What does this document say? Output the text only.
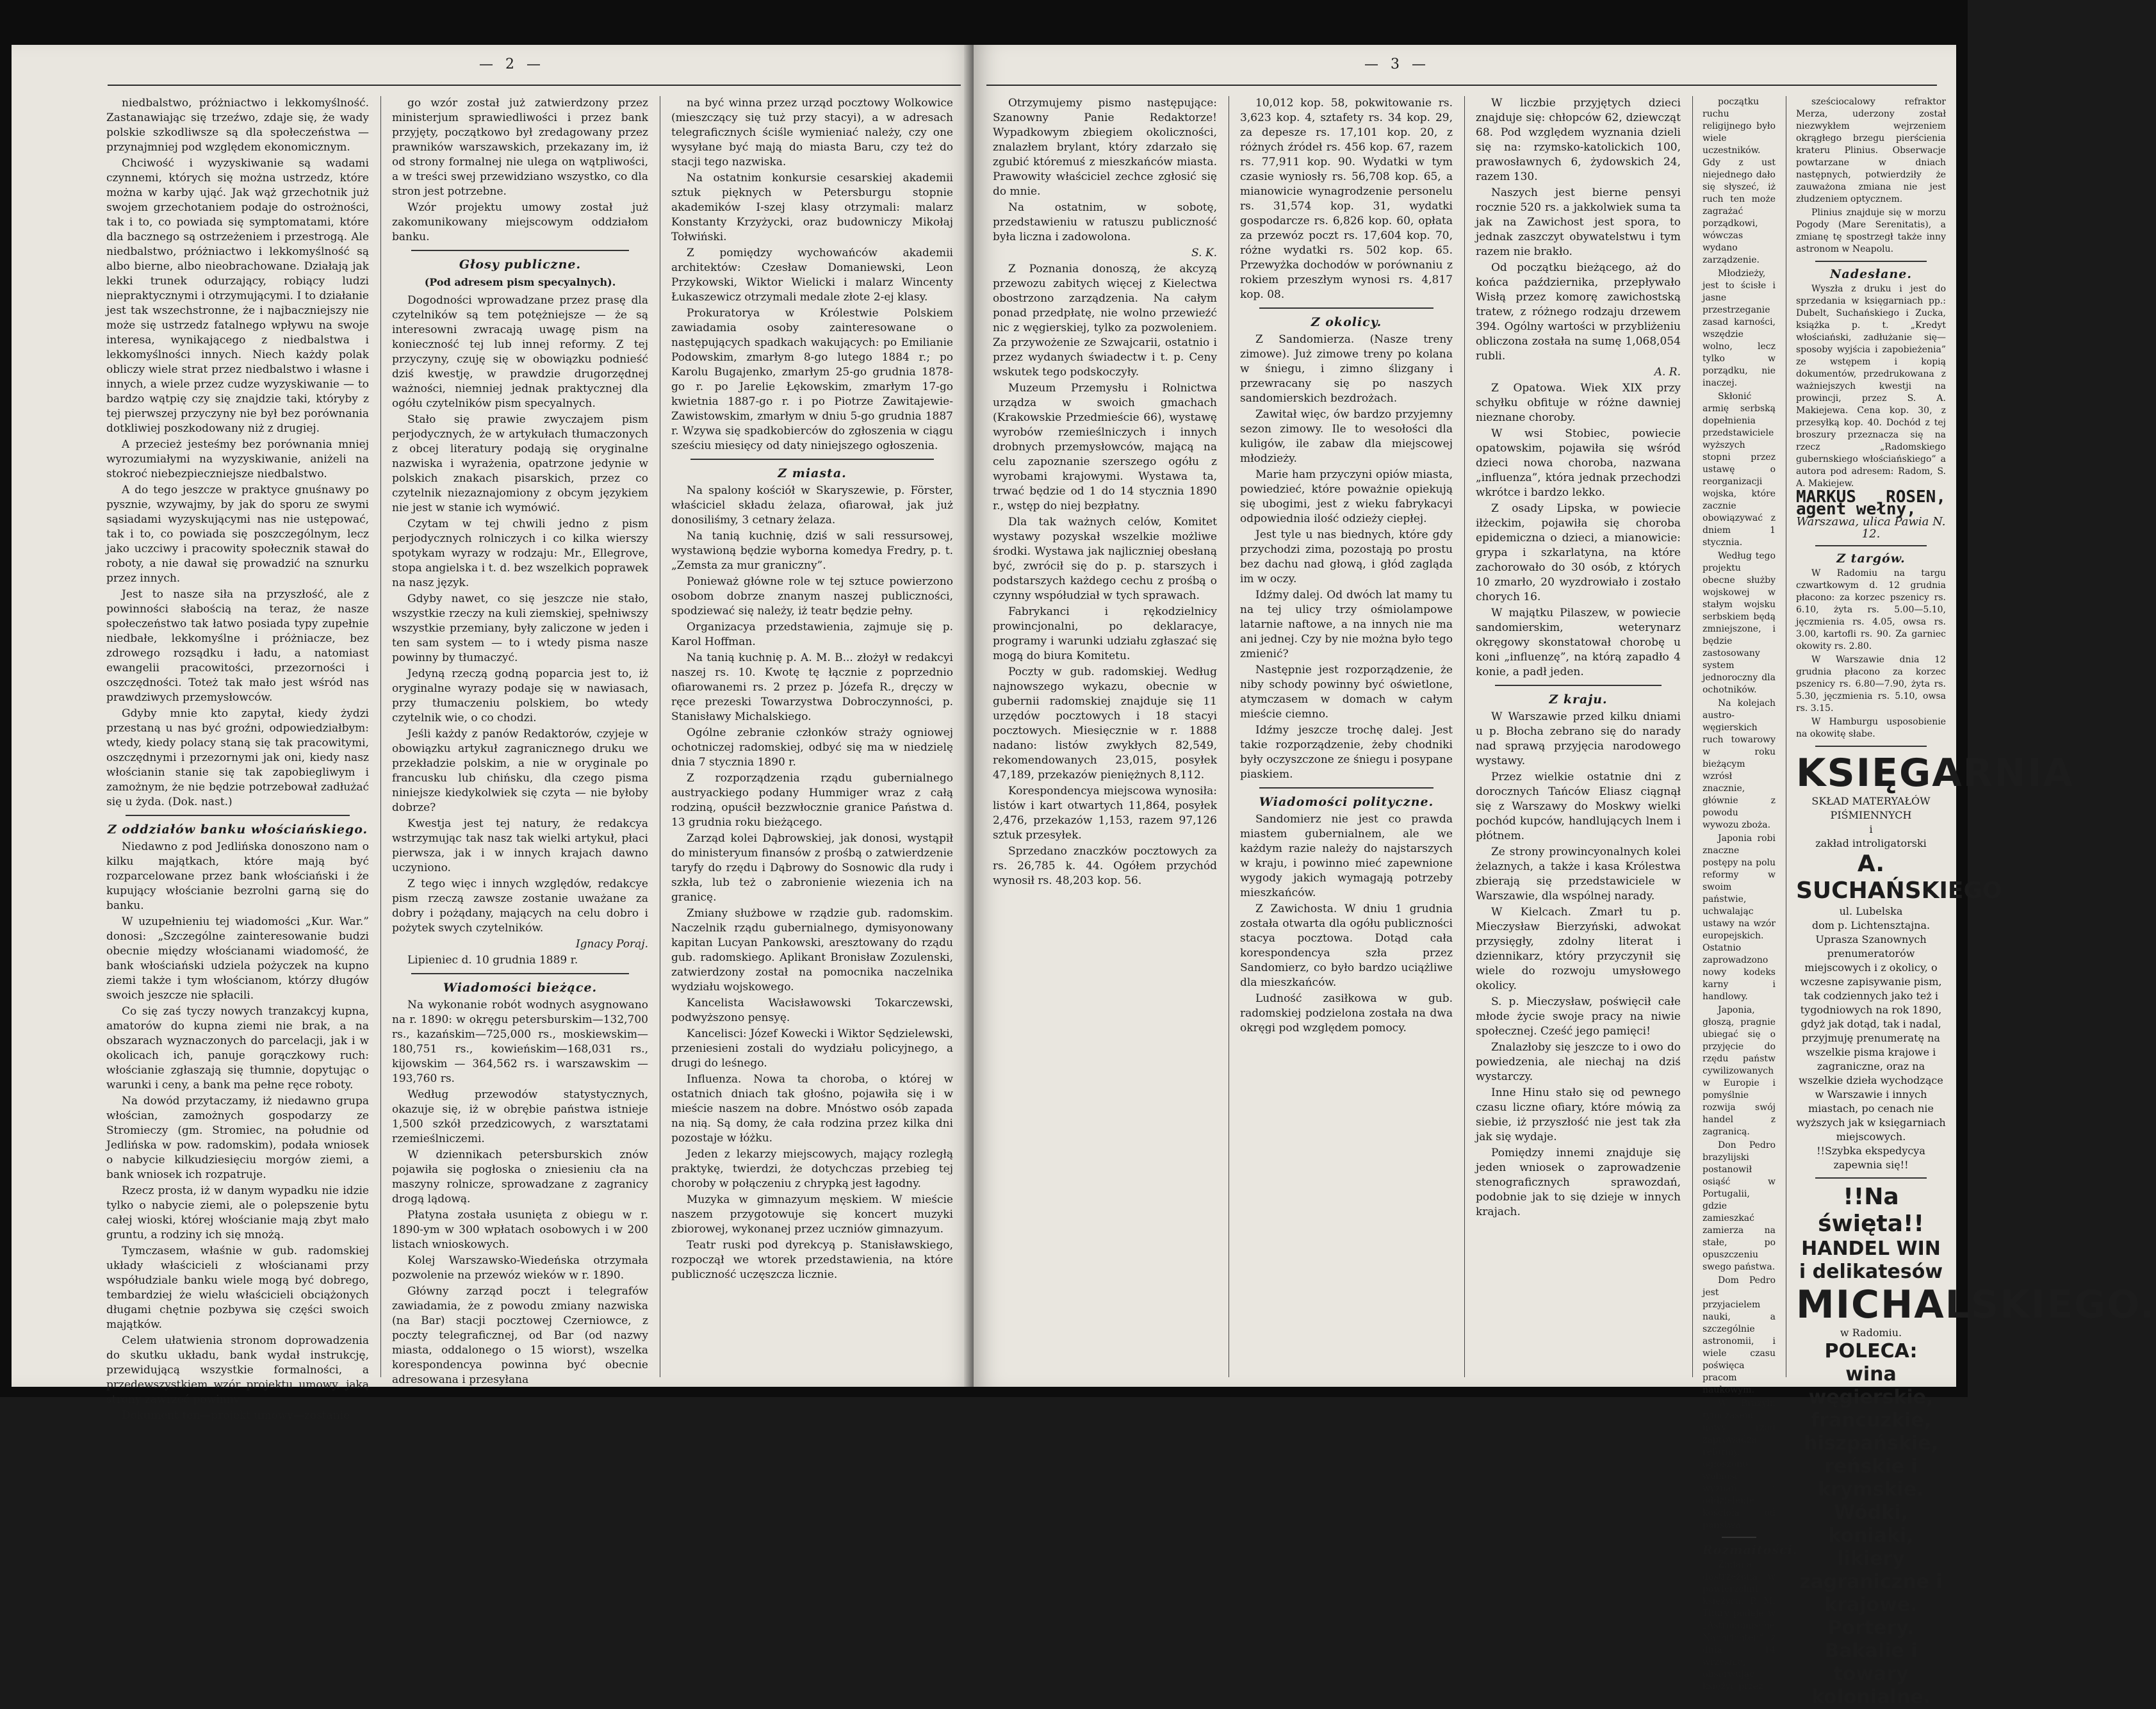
— 2 —

niedbalstwo, próżniactwo i lekkomyślność. Zastanawiając się trzeźwo, zdaje się, że wady polskie szkodliwsze są dla społeczeństwa — przynajmniej pod względem ekonomicznym.

Chciwość i wyzyskiwanie są wadami czynnemi, których się można ustrzedz, które można w karby ująć. Jak wąż grzechotnik już swojem grzechotaniem podaje do ostrożności, tak i to, co powiada się symptomatami, które dla bacznego są ostrzeżeniem i przestrogą. Ale niedbalstwo, próżniactwo i lekkomyślność są albo bierne, albo nieobrachowane. Działają jak lekki trunek odurzający, robiący ludzi niepraktycznymi i otrzymującymi. I to działanie jest tak wszechstronne, że i najbaczniejszy nie może się ustrzedz fatalnego wpływu na swoje interesa, wynikającego z niedbalstwa i lekkomyślności innych. Niech każdy polak obliczy wiele strat przez niedbalstwo i własne i innych, a wiele przez cudze wyzyskiwanie — to bardzo wątpię czy się znajdzie taki, któryby z tej pierwszej przyczyny nie był bez porównania dotkliwiej poszkodowany niż z drugiej.

A przecież jesteśmy bez porównania mniej wyrozumiałymi na wyzyskiwanie, aniżeli na stokroć niebezpieczniejsze niedbalstwo.

A do tego jeszcze w praktyce gnuśnawy po pysznie, wzywajmy, by jak do sporu ze swymi sąsiadami wyzyskującymi nas nie ustępować, tak i to, co powiada się poszczególnym, lecz jako uczciwy i pracowity społecznik stawał do roboty, a nie dawał się prowadzić na sznurku przez innych.

Jest to nasze siła na przyszłość, ale z powinności słabością na teraz, że nasze społeczeństwo tak łatwo posiada typy zupełnie niedbałe, lekkomyślne i próżniacze, bez zdrowego rozsądku i ładu, a natomiast ewangelii pracowitości, przezorności i oszczędności. Toteż tak mało jest wśród nas prawdziwych przemysłowców.

Gdyby mnie kto zapytał, kiedy żydzi przestaną u nas być groźni, odpowiedziałbym: wtedy, kiedy polacy staną się tak pracowitymi, oszczędnymi i przezornymi jak oni, kiedy nasz włościanin stanie się tak zapobiegliwym i zamożnym, że nie będzie potrzebował zadłużać się u żyda. (Dok. nast.)

Z oddziałów banku włościańskiego.

Niedawno z pod Jedlińska donoszono nam o kilku majątkach, które mają być rozparcelowane przez bank włościański i że kupujący włościanie bezrolni garną się do banku.

W uzupełnieniu tej wiadomości „Kur. War.” donosi: „Szczególne zainteresowanie budzi obecnie między włościanami wiadomość, że bank włościański udziela pożyczek na kupno ziemi także i tym włościanom, którzy długów swoich jeszcze nie spłacili.

Co się zaś tyczy nowych tranzakcyj kupna, amatorów do kupna ziemi nie brak, a na obszarach wyznaczonych do parcelacji, jak i w okolicach ich, panuje gorączkowy ruch: włościanie zgłaszają się tłumnie, dopytując o warunki i ceny, a bank ma pełne ręce roboty.

Na dowód przytaczamy, iż niedawno grupa włościan, zamożnych gospodarzy ze Stromieczy (gm. Stromiec, na południe od Jedlińska w pow. radomskim), podała wniosek o nabycie kilkudziesięciu morgów ziemi, a bank wniosek ich rozpatruje.

Rzecz prosta, iż w danym wypadku nie idzie tylko o nabycie ziemi, ale o polepszenie bytu całej wioski, której włościanie mają zbyt mało gruntu, a rodziny ich się mnożą.

Tymczasem, właśnie w gub. radomskiej układy właścicieli z włościanami przy współudziale banku wiele mogą być dobrego, tembardziej że wielu właścicieli obciążonych długami chętnie pozbywa się części swoich majątków.

Celem ułatwienia stronom doprowadzenia do skutku układu, bank wydał instrukcję, przewidującą wszystkie formalności, a przedewszystkiem wzór projektu umowy, jaką strony zawrzeć powinny.

Dokument ten—projekt umowy—zostanie

go wzór został już zatwierdzony przez ministerjum sprawiedliwości i przez bank przyjęty, początkowo był zredagowany przez prawników warszawskich, przekazany im, iż od strony formalnej nie ulega on wątpliwości, a w treści swej przewidziano wszystko, co dla stron jest potrzebne.

Wzór projektu umowy został już zakomunikowany miejscowym oddziałom banku.

Głosy publiczne.
(Pod adresem pism specyalnych).

Dogodności wprowadzane przez prasę dla czytelników są tem potężniejsze — że są interesowni zwracają uwagę pism na konieczność tej lub innej reformy. Z tej przyczyny, czuję się w obowiązku podnieść dziś kwestję, w prawdzie drugorzędnej ważności, niemniej jednak praktycznej dla ogółu czytelników pism specyalnych.

Stało się prawie zwyczajem pism perjodycznych, że w artykułach tłumaczonych z obcej literatury podają się oryginalne nazwiska i wyrażenia, opatrzone jedynie w polskich znakach pisarskich, przez co czytelnik niezaznajomiony z obcym językiem nie jest w stanie ich wymówić.

Czytam w tej chwili jedno z pism perjodycznych rolniczych i co kilka wierszy spotykam wyrazy w rodzaju: Mr., Ellegrove, stopa angielska i t. d. bez wszelkich poprawek na nasz język.

Gdyby nawet, co się jeszcze nie stało, wszystkie rzeczy na kuli ziemskiej, spełniwszy wszystkie przemiany, były zaliczone w jeden i ten sam system — to i wtedy pisma nasze powinny by tłumaczyć.

Jedyną rzeczą godną poparcia jest to, iż oryginalne wyrazy podaje się w nawiasach, przy tłumaczeniu polskiem, bo wtedy czytelnik wie, o co chodzi.

Jeśli każdy z panów Redaktorów, czyjeje w obowiązku artykuł zagranicznego druku we przekładzie polskim, a nie w oryginale po francusku lub chińsku, dla czego pisma niniejsze kiedykolwiek się czyta — nie byłoby dobrze?

Kwestja jest tej natury, że redakcya wstrzymując tak nasz tak wielki artykuł, płaci pierwsza, jak i w innych krajach dawno uczyniono.

Z tego więc i innych względów, redakcye pism rzeczą zawsze zostanie uważane za dobry i pożądany, mających na celu dobro i pożytek swych czytelników.

Ignacy Poraj.

Lipieniec d. 10 grudnia 1889 r.

Wiadomości bieżące.

Na wykonanie robót wodnych asygnowano na r. 1890: w okręgu petersburskim—132,700 rs., kazańskim—725,000 rs., moskiewskim—180,751 rs., kowieńskim—168,031 rs., kijowskim — 364,562 rs. i warszawskim — 193,760 rs.

Według przewodów statystycznych, okazuje się, iż w obrębie państwa istnieje 1,500 szkół przedzicowych, z warsztatami rzemieślniczemi.

W dziennikach petersburskich znów pojawiła się pogłoska o zniesieniu cła na maszyny rolnicze, sprowadzane z zagranicy drogą lądową.

Płatyna została usunięta z obiegu w r. 1890-ym w 300 wpłatach osobowych i w 200 listach wnioskowych.

Kolej Warszawsko-Wiedeńska otrzymała pozwolenie na przewóz wieków w r. 1890.

Główny zarząd poczt i telegrafów zawiadamia, że z powodu zmiany nazwiska (na Bar) stacji pocztowej Czerniowce, z poczty telegraficznej, od Bar (od nazwy miasta, oddalonego o 15 wiorst), wszelka korespondencya powinna być obecnie adresowana i przesyłana

na być winna przez urząd pocztowy Wolkowice (mieszczący się tuż przy stacyi), a w adresach telegraficznych ściśle wymieniać należy, czy one wysyłane być mają do miasta Baru, czy też do stacji tego nazwiska.

Na ostatnim konkursie cesarskiej akademii sztuk pięknych w Petersburgu stopnie akademików I-szej klasy otrzymali: malarz Konstanty Krzyżycki, oraz budowniczy Mikołaj Tołwiński.

Z pomiędzy wychowańców akademii architektów: Czesław Domaniewski, Leon Przykowski, Wiktor Wielicki i malarz Wincenty Łukaszewicz otrzymali medale złote 2-ej klasy.

Prokuratorya w Królestwie Polskiem zawiadamia osoby zainteresowane o następujących spadkach wakujących: po Emilianie Podowskim, zmarłym 8-go lutego 1884 r.; po Karolu Bugajenko, zmarłym 25-go grudnia 1878-go r. po Jarelie Łękowskim, zmarłym 17-go kwietnia 1887-go r. i po Piotrze Zawitajewie-Zawistowskim, zmarłym w dniu 5-go grudnia 1887 r. Wzywa się spadkobierców do zgłoszenia w ciągu sześciu miesięcy od daty niniejszego ogłoszenia.

Z miasta.

Na spalony kościół w Skaryszewie, p. Förster, właściciel składu żelaza, ofiarował, jak już donosiliśmy, 3 cetnary żelaza.

Na tanią kuchnię, dziś w sali ressursowej, wystawioną będzie wyborna komedya Fredry, p. t. „Zemsta za mur graniczny”.

Ponieważ główne role w tej sztuce powierzono osobom dobrze znanym naszej publiczności, spodziewać się należy, iż teatr będzie pełny.

Organizacya przedstawienia, zajmuje się p. Karol Hoffman.

Na tanią kuchnię p. A. M. B... złożył w redakcyi naszej rs. 10. Kwotę tę łącznie z poprzednio ofiarowanemi rs. 2 przez p. Józefa R., dręczy w ręce prezeski Towarzystwa Dobroczynności, p. Stanisławy Michalskiego.

Ogólne zebranie członków straży ogniowej ochotniczej radomskiej, odbyć się ma w niedzielę dnia 7 stycznia 1890 r.

Z rozporządzenia rządu gubernialnego austryackiego podany Hummiger wraz z całą rodziną, opuścił bezzwłocznie granice Państwa d. 13 grudnia roku bieżącego.

Zarząd kolei Dąbrowskiej, jak donosi, wystąpił do ministeryum finansów z prośbą o zatwierdzenie taryfy do rzędu i Dąbrowy do Sosnowic dla rudy i szkła, lub też o zabronienie wiezenia ich na granicę.

Zmiany służbowe w rządzie gub. radomskim. Naczelnik rządu gubernialnego, dymisyonowany kapitan Lucyan Pankowski, aresztowany do rządu gub. radomskiego. Aplikant Bronisław Zozulenski, zatwierdzony został na pomocnika naczelnika wydziału wojskowego.

Kancelista Wacisławowski Tokarczewski, podwyższono pensyę.

Kancelisci: Józef Kowecki i Wiktor Sędzielewski, przeniesieni zostali do wydziału policyjnego, a drugi do leśnego.

Influenza. Nowa ta choroba, o której w ostatnich dniach tak głośno, pojawiła się i w mieście naszem na dobre. Mnóstwo osób zapada na nią. Są domy, że cała rodzina przez kilka dni pozostaje w łóżku.

Jeden z lekarzy miejscowych, mający rozległą praktykę, twierdzi, że dotychczas przebieg tej choroby w połączeniu z chrypką jest łagodny.

Muzyka w gimnazyum męskiem. W mieście naszem przygotowuje się koncert muzyki zbiorowej, wykonanej przez uczniów gimnazyum.

Teatr ruski pod dyrekcyą p. Stanisławskiego, rozpoczął we wtorek przedstawienia, na które publiczność uczęszcza licznie.

— 3 —

Otrzymujemy pismo następujące: Szanowny Panie Redaktorze! Wypadkowym zbiegiem okoliczności, znalazłem brylant, który zdarzało się zgubić któremuś z mieszkańców miasta. Prawowity właściciel zechce zgłosić się do mnie.

Na ostatnim, w sobotę, przedstawieniu w ratuszu publiczność była liczna i zadowolona.

S. K.

Z Poznania donoszą, że akcyzą przewozu zabitych więcej z Kielectwa obostrzono zarządzenia. Na całym ponad przedpłatę, nie wolno przewieźć nic z węgierskiej, tylko za pozwoleniem. Za przywożenie ze Szwajcarii, ostatnio i przez wydanych świadectw i t. p. Ceny wskutek tego podskoczyły.

Muzeum Przemysłu i Rolnictwa urządza w swoich gmachach (Krakowskie Przedmieście 66), wystawę wyrobów rzemieślniczych i innych drobnych przemysłowców, mającą na celu zapoznanie szerszego ogółu z wyrobami krajowymi. Wystawa ta, trwać będzie od 1 do 14 stycznia 1890 r., wstęp do niej bezpłatny.

Dla tak ważnych celów, Komitet wystawy pozyskał wszelkie możliwe środki. Wystawa jak najliczniej obesłaną być, zwrócił się do p. p. starszych i podstarszych każdego cechu z prośbą o czynny współudział w tych sprawach.

Fabrykanci i rękodzielnicy prowincjonalni, po deklaracye, programy i warunki udziału zgłaszać się mogą do biura Komitetu.

Poczty w gub. radomskiej. Według najnowszego wykazu, obecnie w gubernii radomskiej znajduje się 11 urzędów pocztowych i 18 stacyi pocztowych. Miesięcznie w r. 1888 nadano: listów zwykłych 82,549, rekomendowanych 23,015, posyłek 47,189, przekazów pieniężnych 8,112.

Korespondencya miejscowa wynosiła: listów i kart otwartych 11,864, posyłek 2,476, przekazów 1,153, razem 97,126 sztuk przesyłek.

Sprzedano znaczków pocztowych za rs. 26,785 k. 44. Ogółem przychód wynosił rs. 48,203 kop. 56.

10,012 kop. 58, pokwitowanie rs. 3,623 kop. 4, sztafety rs. 34 kop. 29, za depesze rs. 17,101 kop. 20, z różnych źródeł rs. 456 kop. 67, razem rs. 77,911 kop. 90. Wydatki w tym czasie wyniosły rs. 56,708 kop. 65, a mianowicie wynagrodzenie personelu rs. 31,574 kop. 31, wydatki gospodarcze rs. 6,826 kop. 60, opłata za przewóz poczt rs. 17,604 kop. 70, różne wydatki rs. 502 kop. 65. Przewyżka dochodów w porównaniu z rokiem przeszłym wynosi rs. 4,817 kop. 08.

Z okolicy.

Z Sandomierza. (Nasze treny zimowe). Już zimowe treny po kolana w śniegu, i zimno ślizgany i przewracany się po naszych sandomierskich bezdrożach.

Zawitał więc, ów bardzo przyjemny sezon zimowy. Ile to wesołości dla kuligów, ile zabaw dla miejscowej młodzieży.

Marie ham przyczyni opiów miasta, powiedzieć, które poważnie opiekują się ubogimi, jest z wieku fabrykacyi odpowiednia ilość odzieży ciepłej.

Jest tyle u nas biednych, które gdy przychodzi zima, pozostają po prostu bez dachu nad głową, i głód zagląda im w oczy.

Idźmy dalej. Od dwóch lat mamy tu na tej ulicy trzy ośmiolampowe latarnie naftowe, a na innych nie ma ani jednej. Czy by nie można było tego zmienić?

Następnie jest rozporządzenie, że niby schody powinny być oświetlone, atymczasem w domach w całym mieście ciemno.

Idźmy jeszcze trochę dalej. Jest takie rozporządzenie, żeby chodniki były oczyszczone ze śniegu i posypane piaskiem.

Wiadomości polityczne.

Sandomierz nie jest co prawda miastem gubernialnem, ale we każdym razie należy do najstarszych w kraju, i powinno mieć zapewnione wygody jakich wymagają potrzeby mieszkańców.

Z Zawichosta. W dniu 1 grudnia została otwarta dla ogółu publiczności stacya pocztowa. Dotąd cała korespondencya szła przez Sandomierz, co było bardzo uciążliwe dla mieszkańców.

Ludność zasiłkowa w gub. radomskiej podzielona została na dwa okręgi pod względem pomocy.

W liczbie przyjętych dzieci znajduje się: chłopców 62, dziewcząt 68. Pod względem wyznania dzieli się na: rzymsko-katolickich 100, prawosławnych 6, żydowskich 24, razem 130.

Naszych jest bierne pensyi rocznie 520 rs. a jakkolwiek suma ta jak na Zawichost jest spora, to jednak zaszczyt obywatelstwu i tym razem nie brakło.

Od początku bieżącego, aż do końca października, przepływało Wisłą przez komorę zawichostską tratew, z różnego rodzaju drzewem 394. Ogólny wartości w przybliżeniu obliczona została na sumę 1,068,054 rubli.

A. R.

Z Opatowa. Wiek XIX przy schyłku obfituje w różne dawniej nieznane choroby.

W wsi Stobiec, powiecie opatowskim, pojawiła się wśród dzieci nowa choroba, nazwana „influenza”, która jednak przechodzi wkrótce i bardzo lekko.

Z osady Lipska, w powiecie iłżeckim, pojawiła się choroba epidemiczna o dzieci, a mianowicie: grypa i szkarlatyna, na które zachorowało do 30 osób, z których 10 zmarło, 20 wyzdrowiało i zostało chorych 16.

W majątku Pilaszew, w powiecie sandomierskim, weterynarz okręgowy skonstatował chorobę u koni „influenzę”, na którą zapadło 4 konie, a padł jeden.

Z kraju.

W Warszawie przed kilku dniami u p. Błocha zebrano się do narady nad sprawą przyjęcia narodowego wystawy.

Przez wielkie ostatnie dni z dorocznych Tańców Eliasz ciągnął się z Warszawy do Moskwy wielki pochód kupców, handlujących lnem i płótnem.

Ze strony prowincyonalnych kolei żelaznych, a także i kasa Królestwa zbierają się przedstawiciele w Warszawie, dla wspólnej narady.

W Kielcach. Zmarł tu p. Mieczysław Bierzyński, adwokat przysięgły, zdolny literat i dziennikarz, który przyczynił się wiele do rozwoju umysłowego okolicy.

S. p. Mieczysław, poświęcił całe młode życie swoje pracy na niwie społecznej. Cześć jego pamięci!

Znalazłoby się jeszcze to i owo do powiedzenia, ale niechaj na dziś wystarczy.

Inne Hinu stało się od pewnego czasu liczne ofiary, które mówią za siebie, iż przyszłość nie jest tak zła jak się wydaje.

Pomiędzy innemi znajduje się jeden wniosek o zaprowadzenie stenograficznych sprawozdań, podobnie jak to się dzieje w innych krajach.

początku ruchu religijnego było wiele uczestników. Gdy z ust niejednego dało się słyszeć, iż ruch ten może zagrażać porządkowi, wówczas wydano zarządzenie.

Młodzieży, jest to ścisłe i jasne przestrzeganie zasad karności, wszędzie wolno, lecz tylko w porządku, nie inaczej.

Skłonić armię serbską dopełnienia przedstawiciele wyższych stopni przez ustawę o reorganizacji wojska, które zacznie obowiązywać z dniem 1 stycznia.

Według tego projektu obecne służby wojskowej w stałym wojsku serbskiem będą zmniejszone, i będzie zastosowany system jednoroczny dla ochotników.

Na kolejach austro-węgierskich ruch towarowy w roku bieżącym wzrósł znacznie, głównie z powodu wywozu zboża.

Japonia robi znaczne postępy na polu reformy w swoim państwie, uchwalając ustawy na wzór europejskich. Ostatnio zaprowadzono nowy kodeks karny i handlowy.

Japonia, głoszą, pragnie ubiegać się o przyjęcie do rzędu państw cywilizowanych w Europie i pomyślnie rozwija swój handel z zagranicą.

Don Pedro brazylijski postanowił osiąść w Portugalii, gdzie zamieszkać zamierza na stałe, po opuszczeniu swego państwa.

Dom Pedro jest przyjacielem nauki, a szczególnie astronomii, i wiele czasu poświęca pracom naukowym.

W Brazylii tymczasem nowy rząd zaprowadza reformy, ogłoszono wolność wyznań i oddzielenie kościoła od państwa.

Rozmaitości.

Zmiana dostrzeżona w powierzchni księżyca. P. M. Thury podaje w „Astronomische Nachrichten” z dnia 14 września, obserwując księżyc przez

sześciocalowy refraktor Merza, uderzony został niezwykłem wejrzeniem okrągłego brzegu pierścienia krateru Plinius. Obserwacje powtarzane w dniach następnych, potwierdziły że zauważona zmiana nie jest złudzeniem optycznem.

Plinius znajduje się w morzu Pogody (Mare Serenitatis), a zmianę tę spostrzegł także inny astronom w Neapolu.

Nadesłane.

Wyszła z druku i jest do sprzedania w księgarniach pp.: Dubelt, Suchańskiego i Zucka, książka p. t. „Kredyt włościański, zadłużanie się—sposoby wyjścia i zapobieżenia” ze wstępem i kopią dokumentów, przedrukowana z ważniejszych kwestji na prowincji, przez S. A. Makiejewa. Cena kop. 30, z przesyłką kop. 40. Dochód z tej broszury przeznacza się na rzecz „Radomskiego gubernskiego włościańskiego” a autora pod adresem: Radom, S. A. Makiejew.

MARKUS ROSEN, agent wełny,
Warszawa, ulica Pawia N. 12.
Z targów.

W Radomiu na targu czwartkowym d. 12 grudnia płacono: za korzec pszenicy rs. 6.10, żyta rs. 5.00—5.10, jęczmienia rs. 4.05, owsa rs. 3.00, kartofli rs. 90. Za garniec okowity rs. 2.80.

W Warszawie dnia 12 grudnia płacono za korzec pszenicy rs. 6.80—7.90, żyta rs. 5.30, jęczmienia rs. 5.10, owsa rs. 3.15.

W Hamburgu usposobienie na okowitę słabe.

KSIĘGARNIA
SKŁAD MATERYAŁÓW PIŚMIENNYCH
i
zakład introligatorski
A. SUCHAŃSKIEGO
ul. Lubelska
dom p. Lichtensztajna.
Uprasza Szanownych prenumeratorów miejscowych i z okolicy, o wczesne zapisywanie pism, tak codziennych jako też i tygodniowych na rok 1890, gdyż jak dotąd, tak i nadal, przyjmuję prenumeratę na wszelkie pisma krajowe i zagraniczne, oraz na wszelkie dzieła wychodzące w Warszawie i innych miastach, po cenach nie wyższych jak w księgarniach miejscowych.
!!Szybka ekspedycya zapewnia się!!
!!Na święta!!
HANDEL WIN
i delikatesów
MICHALSKIEGO.
w Radomiu.
POLECA:
wina węgierskie, francuzkie, hiszpańskie, reńskie i krymskie. Wódki, koniaki, likiery zagraniczne i krajowe. Portery. Bakalie i towary kolonialne.
